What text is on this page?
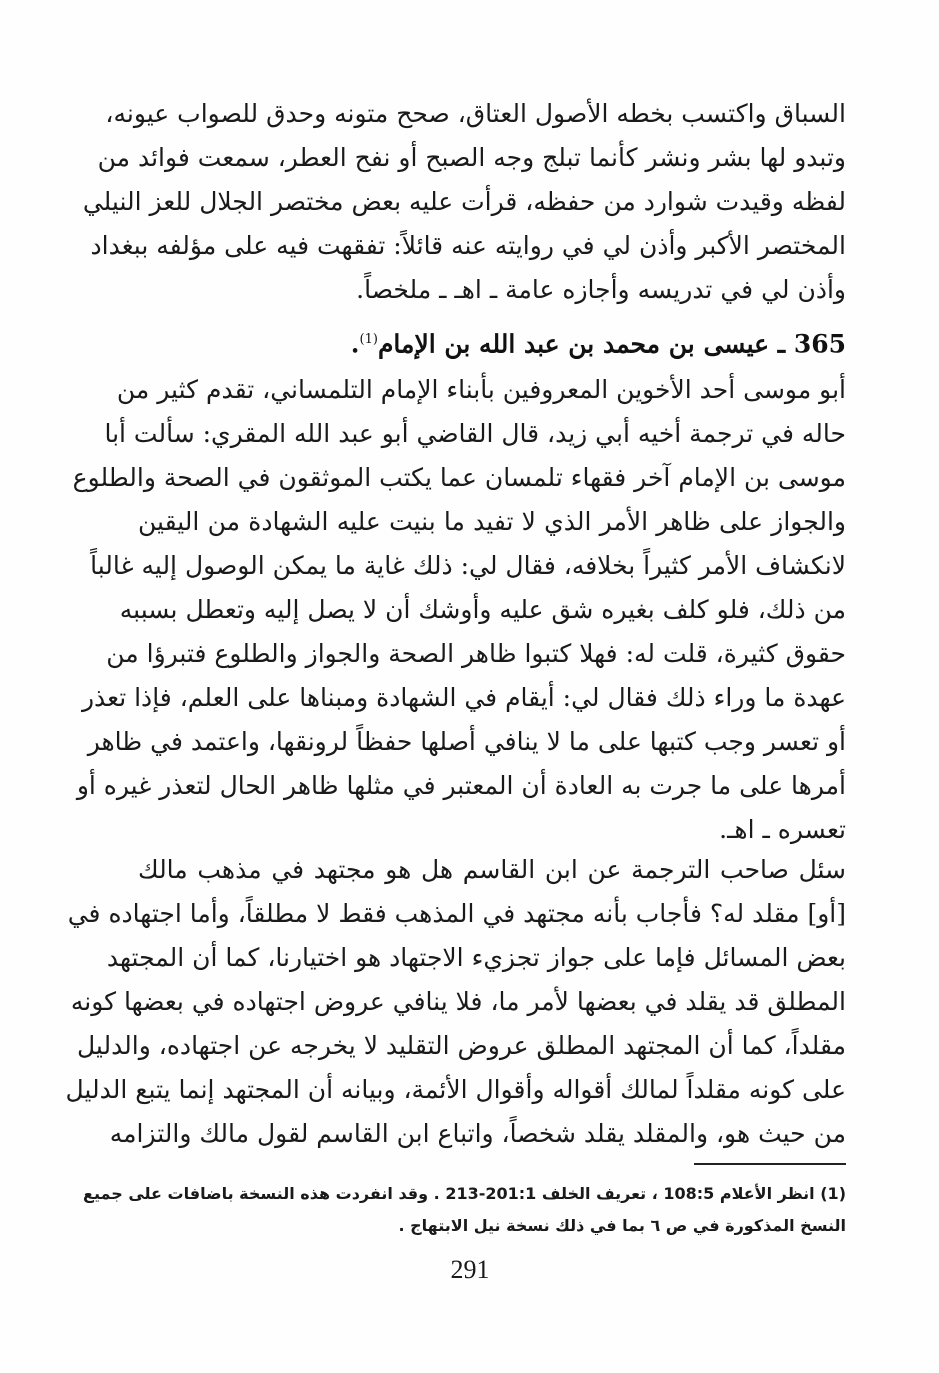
السباق واكتسب بخطه الأصول العتاق، صحح متونه وحدق للصواب عيونه،
وتبدو لها بشر ونشر كأنما تبلج وجه الصبح أو نفح العطر، سمعت فوائد من
لفظه وقيدت شوارد من حفظه، قرأت عليه بعض مختصر الجلال للعز النيلي
المختصر الأكبر وأذن لي في روايته عنه قائلاً: تفقهت فيه على مؤلفه ببغداد
وأذن لي في تدريسه وأجازه عامة ـ اهـ ـ ملخصاً.
365 ـ عيسى بن محمد بن عبد الله بن الإمام$^{(1)}$.
أبو موسى أحد الأخوين المعروفين بأبناء الإمام التلمساني، تقدم كثير من
حاله في ترجمة أخيه أبي زيد، قال القاضي أبو عبد الله المقري: سألت أبا
موسى بن الإمام آخر فقهاء تلمسان عما يكتب الموثقون في الصحة والطلوع
والجواز على ظاهر الأمر الذي لا تفيد ما بنيت عليه الشهادة من اليقين
لانكشاف الأمر كثيراً بخلافه، فقال لي: ذلك غاية ما يمكن الوصول إليه غالباً
من ذلك، فلو كلف بغيره شق عليه وأوشك أن لا يصل إليه وتعطل بسببه
حقوق كثيرة، قلت له: فهلا كتبوا ظاهر الصحة والجواز والطلوع فتبرؤا من
عهدة ما وراء ذلك فقال لي: أيقام في الشهادة ومبناها على العلم، فإذا تعذر
أو تعسر وجب كتبها على ما لا ينافي أصلها حفظاً لرونقها، واعتمد في ظاهر
أمرها على ما جرت به العادة أن المعتبر في مثلها ظاهر الحال لتعذر غيره أو
تعسره ـ اهـ.
سئل صاحب الترجمة عن ابن القاسم هل هو مجتهد في مذهب مالك
[أو] مقلد له؟ فأجاب بأنه مجتهد في المذهب فقط لا مطلقاً، وأما اجتهاده في
بعض المسائل فإما على جواز تجزيء الاجتهاد هو اختيارنا، كما أن المجتهد
المطلق قد يقلد في بعضها لأمر ما، فلا ينافي عروض اجتهاده في بعضها كونه
مقلداً، كما أن المجتهد المطلق عروض التقليد لا يخرجه عن اجتهاده، والدليل
على كونه مقلداً لمالك أقواله وأقوال الأئمة، وبيانه أن المجتهد إنما يتبع الدليل
من حيث هو، والمقلد يقلد شخصاً، واتباع ابن القاسم لقول مالك والتزامه
(1) انظر الأعلام 108:5 ، تعريف الخلف 201:1-213 . وقد انفردت هذه النسخة باضافات على جميع
النسخ المذكورة في ص ٦ بما في ذلك نسخة نيل الابتهاج .
291
